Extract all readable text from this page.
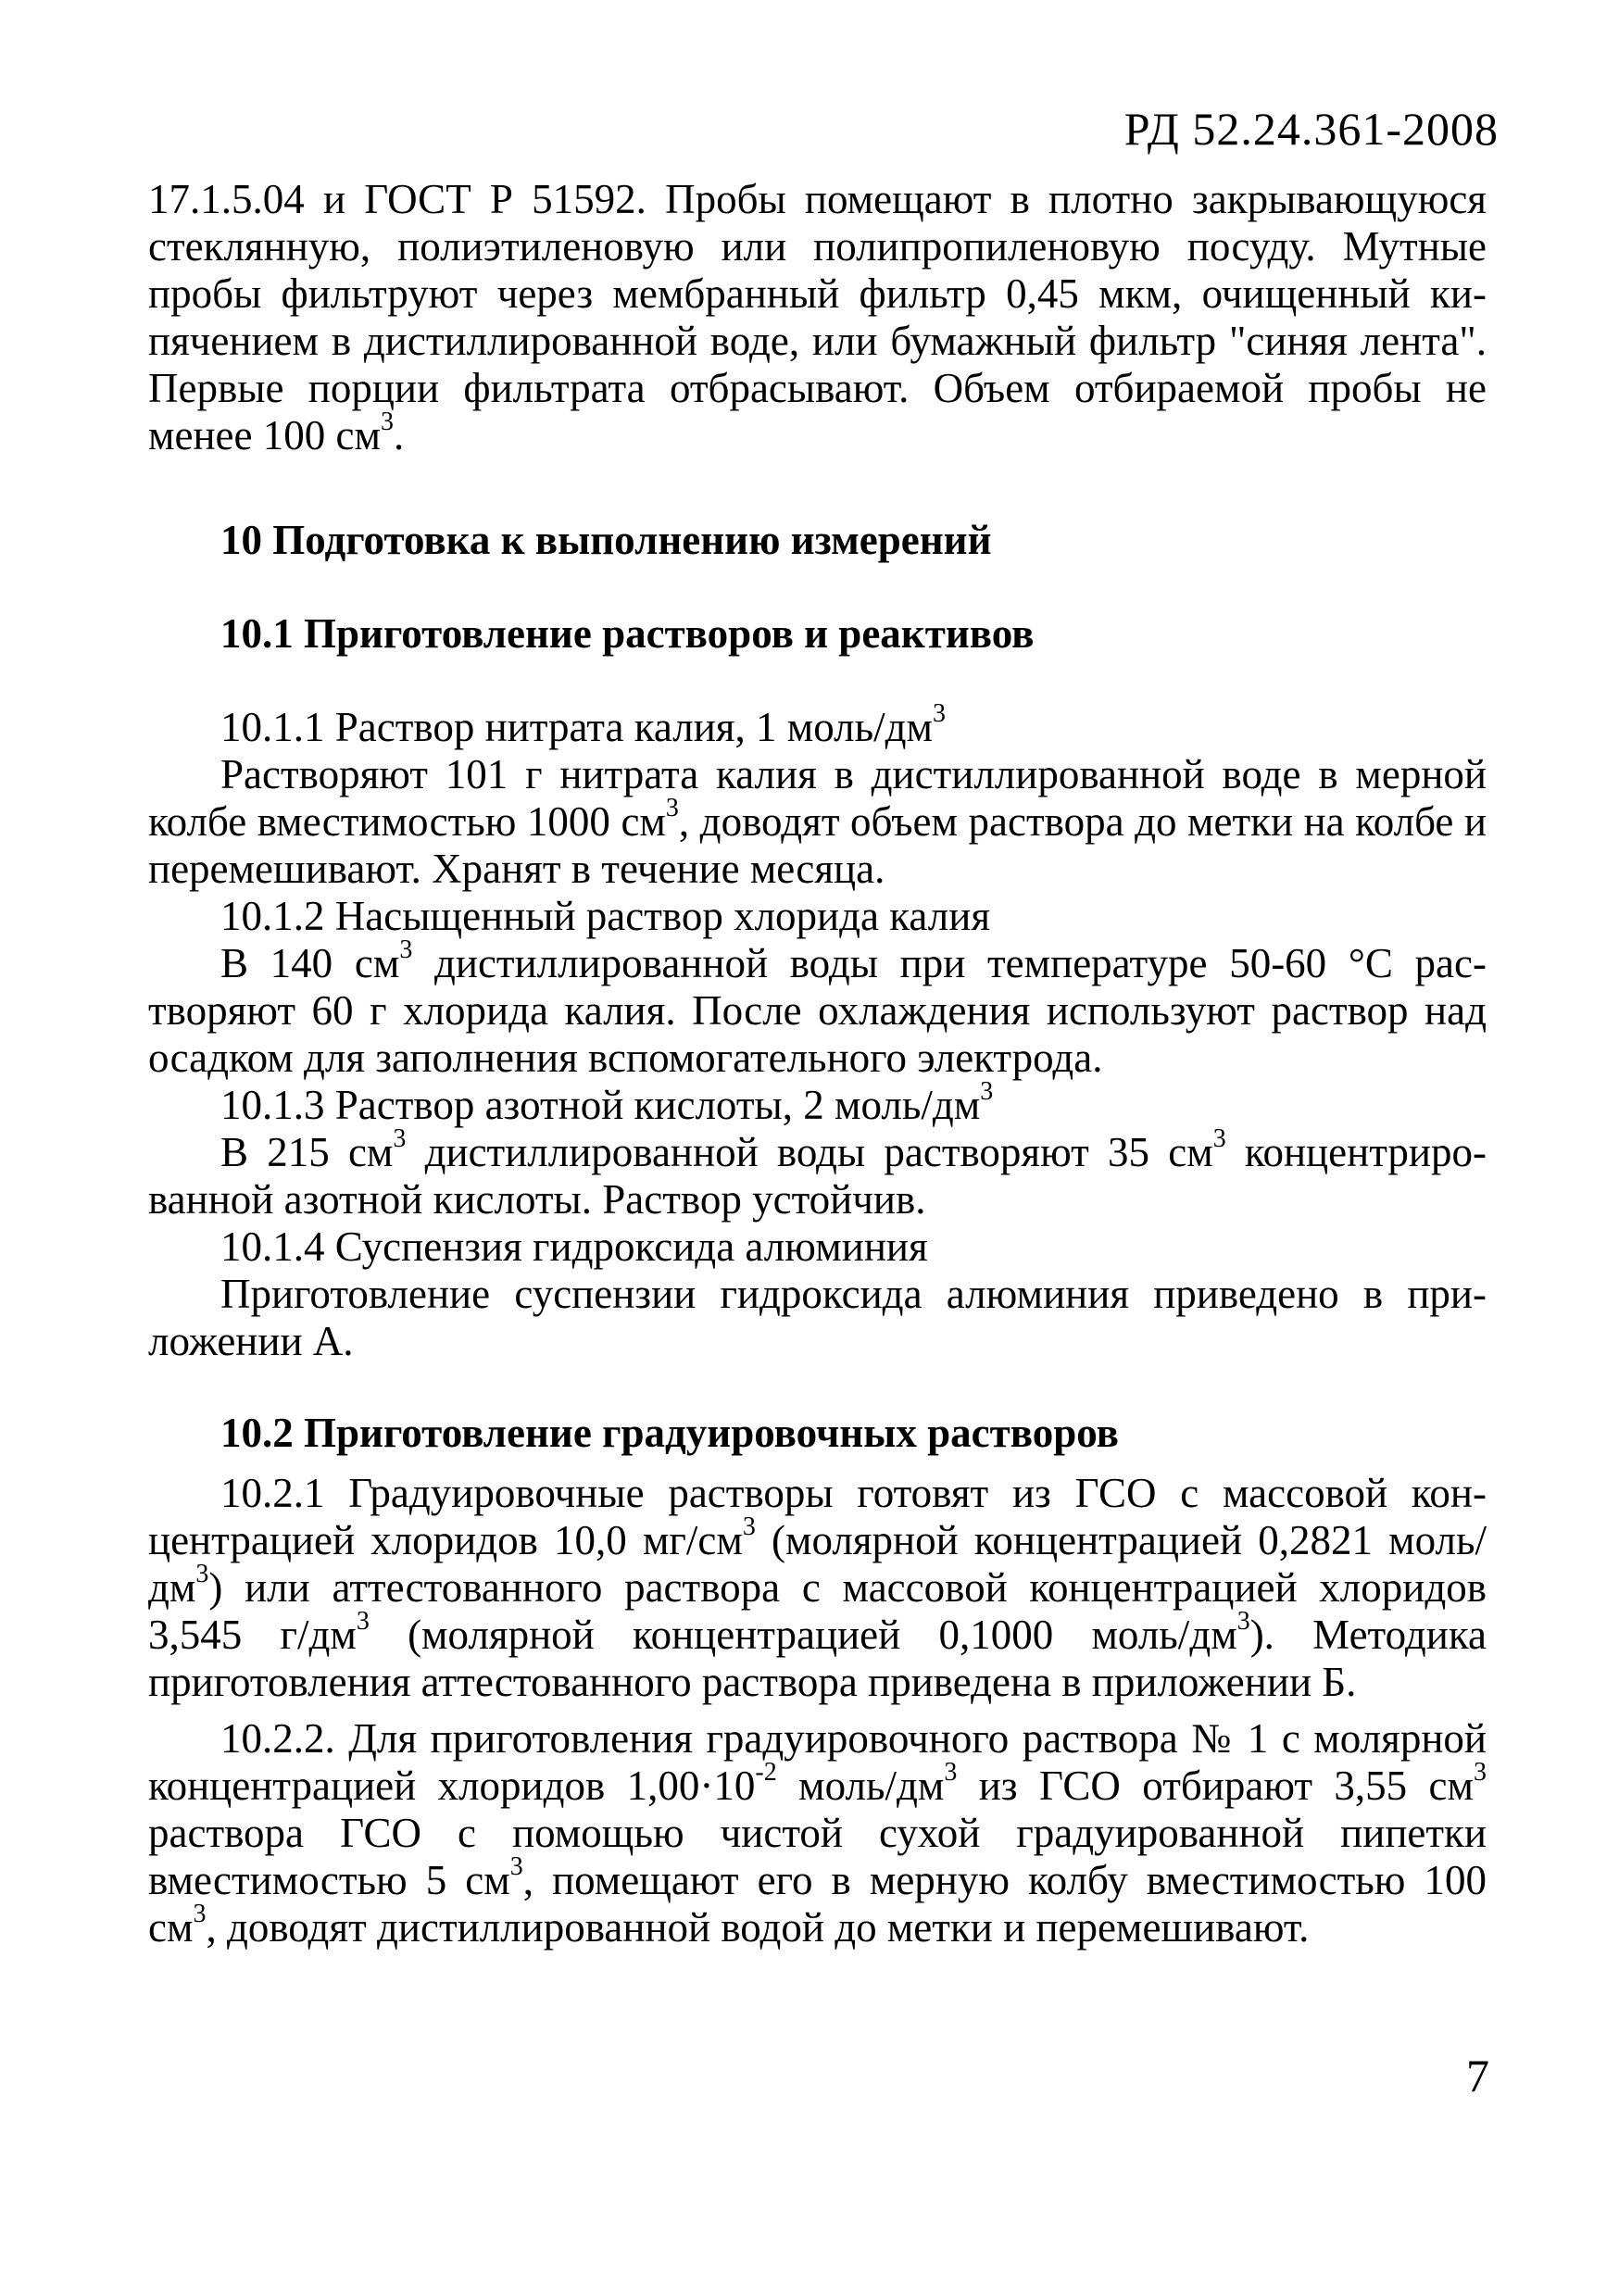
РД 52.24.361-2008

17.1.5.04 и ГОСТ Р 51592. Пробы помещают в плотно закрывающуюся стеклянную, полиэтиленовую или полипропиленовую посуду. Мутные пробы фильтруют через мембранный фильтр 0,45 мкм, очищенный кипячением в дистиллированной воде, или бумажный фильтр "синяя лента". Первые порции фильтрата отбрасывают. Объем отбираемой пробы не менее 100 $см^3$.

10 Подготовка к выполнению измерений

10.1 Приготовление растворов и реактивов

10.1.1 Раствор нитрата калия, 1 моль/$дм^3$

Растворяют 101 г нитрата калия в дистиллированной воде в мерной колбе вместимостью 1000 $см^3$, доводят объем раствора до метки на колбе и перемешивают. Хранят в течение месяца.

10.1.2 Насыщенный раствор хлорида калия

В 140 $см^3$ дистиллированной воды при температуре 50-60 °С растворяют 60 г хлорида калия. После охлаждения используют раствор над осадком для заполнения вспомогательного электрода.

10.1.3 Раствор азотной кислоты, 2 моль/$дм^3$

В 215 $см^3$ дистиллированной воды растворяют 35 $см^3$ концентрированной азотной кислоты. Раствор устойчив.

10.1.4 Суспензия гидроксида алюминия

Приготовление суспензии гидроксида алюминия приведено в приложении А.

10.2 Приготовление градуировочных растворов

10.2.1 Градуировочные растворы готовят из ГСО с массовой концентрацией хлоридов 10,0 $мг/см^3$ (молярной концентрацией 0,2821 моль/$дм^3$) или аттестованного раствора с массовой концентрацией хлоридов 3,545 $г/дм^3$ (молярной концентрацией 0,1000 моль/$дм^3$). Методика приготовления аттестованного раствора приведена в приложении Б.

10.2.2. Для приготовления градуировочного раствора № 1 с молярной концентрацией хлоридов $1,00\cdot 10^{-2}$ моль/$дм^3$ из ГСО отбирают 3,55 $см^3$ раствора ГСО с помощью чистой сухой градуированной пипетки вместимостью 5 $см^3$, помещают его в мерную колбу вместимостью 100 $см^3$, доводят дистиллированной водой до метки и перемешивают.

7
